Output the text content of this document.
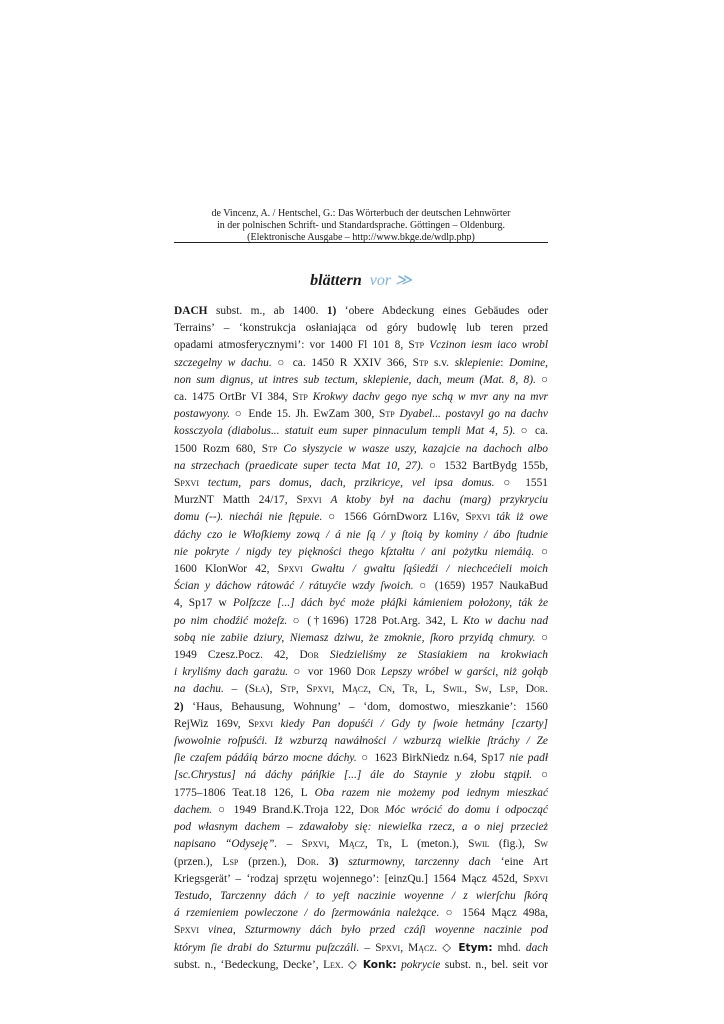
de Vincenz, A. / Hentschel, G.: Das Wörterbuch der deutschen Lehnwörter

in der polnischen Schrift- und Standardsprache. Göttingen – Oldenburg.

(Elektronische Ausgabe – http://www.bkge.de/wdlp.php)

blättern vor ≫
DACH subst. m., ab 1400. 1) ‘obere Abdeckung eines Gebäudes oder
Terrains’ – ‘konstrukcja osłaniająca od góry budowlę lub teren przed
opadami atmosferycznymi’: vor 1400 Fl 101 8, Stp Vczinon iesm iaco wrobl
szczegelny w dachu. ○ ca. 1450 R XXIV 366, Stp s.v. sklepienie: Domine,
non sum dignus, ut intres sub tectum, sklepienie, dach, meum (Mat. 8, 8). ○
ca. 1475 OrtBr VI 384, Stp Krokwy dachv gego nye schą w mvr any na mvr
postawyony. ○ Ende 15. Jh. EwZam 300, Stp Dyabel... postavyl go na dachv
kossczyola (diabolus... statuit eum super pinnaculum templi Mat 4, 5). ○ ca.
1500 Rozm 680, Stp Co słyszycie w wasze uszy, kazajcie na dachoch albo
na strzechach (praedicate super tecta Mat 10, 27). ○ 1532 BartBydg 155b,
Spxvi tectum, pars domus, dach, przikricye, vel ipsa domus. ○ 1551
MurzNT Matth 24/17, Spxvi A ktoby był na dachu (marg) przykryciu
domu (--). niechái nie ſtępuie. ○ 1566 GórnDworz L16v, Spxvi ták iż owe
dáchy czo ie Włoſkiemy zową / á nie ſą / y ſtoią by kominy / ábo ſtudnie
nie pokryte / nigdy tey piękności thego kſztałtu / ani pożytku niemáią. ○
1600 KlonWor 42, Spxvi Gwałtu / gwałtu ſąśiedźi / niechcećieli moich
Ścian y dáchow rátowáć / rátuyćie wzdy ſwoich. ○ (1659) 1957 NaukaBud
4, Sp17 w Polſzcze [...] dách być może płáſki kámieniem położony, ták że
po nim chodźić możeſz. ○ (†1696) 1728 Pot.Arg. 342, L Kto w dachu nad
sobą nie zabiie dziury, Niemasz dziwu, że zmoknie, ſkoro przyidą chmury. ○
1949 Czesz.Pocz. 42, Dor Siedzieliśmy ze Stasiakiem na krokwiach
i kryliśmy dach garażu. ○ vor 1960 Dor Lepszy wróbel w garści, niż gołąb
na dachu. – (Sła), Stp, Spxvi, Mącz, Cn, Tr, L, Swil, Sw, Lsp, Dor.
2) ‘Haus, Behausung, Wohnung’ – ‘dom, domostwo, mieszkanie’: 1560
RejWiz 169v, Spxvi kiedy Pan dopuśći / Gdy ty ſwoie hetmány [czarty]
ſwowolnie roſpuśći. Iż wzburzą nawáłności / wzburzą wielkie ſtráchy / Ze
ſie czaſem pádáią bárzo mocne dáchy. ○ 1623 BirkNiedz n.64, Sp17 nie padł
[sc.Chrystus] ná dáchy páńſkie [...] ále do Staynie y złobu stąpił. ○
1775–1806 Teat.18 126, L Oba razem nie możemy pod iednym mieszkać
dachem. ○ 1949 Brand.K.Troja 122, Dor Móc wrócić do domu i odpocząć
pod własnym dachem – zdawałoby się: niewielka rzecz, a o niej przecież
napisano “Odyseję”. – Spxvi, Mącz, Tr, L (meton.), Swil (fig.), Sw
(przen.), Lsp (przen.), Dor. 3) szturmowny, tarczenny dach ‘eine Art
Kriegsgerät’ – ‘rodzaj sprzętu wojennego’: [einzQu.] 1564 Mącz 452d, Spxvi
Testudo, Tarczenny dách / to yeſt naczinie woyenne / z wierſchu ſkórą
á rzemieniem powleczone / do ſzermowánia należące. ○ 1564 Mącz 498a,
Spxvi vinea, Szturmowny dách było przed czáſi woyenne naczinie pod
którym ſie drabi do Szturmu puſzczáli. – Spxvi, Mącz. ◇ Etym: mhd. dach
subst. n., ‘Bedeckung, Decke’, Lex. ◇ Konk: pokrycie subst. n., bel. seit vor
